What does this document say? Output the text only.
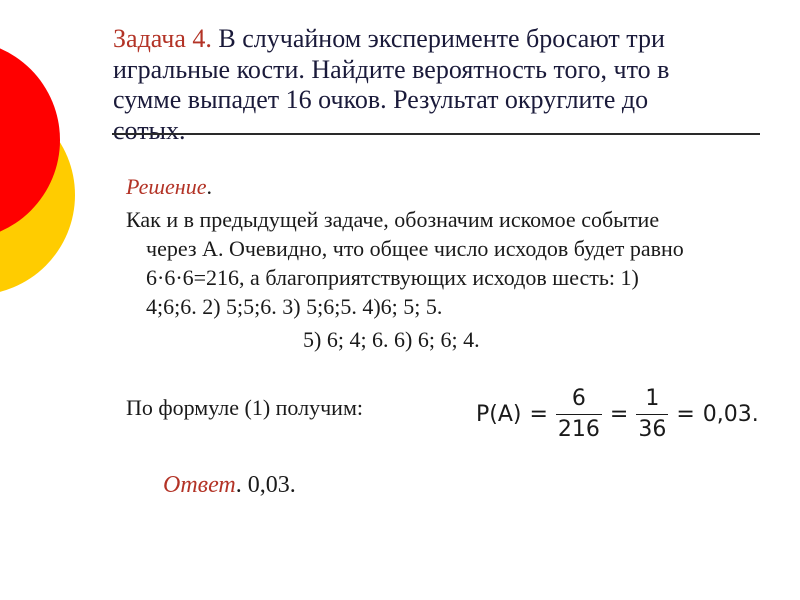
Задача 4. В случайном эксперименте бросают три игральные кости. Найдите вероятность того, что в сумме выпадет 16 очков. Результат округлите до сотых.
Решение.
Как и в предыдущей задаче, обозначим искомое событие
через А. Очевидно, что общее число исходов будет равно
6·6·6=216, а благоприятствующих исходов шесть: 1)
4;6;6. 2) 5;5;6. 3) 5;6;5. 4)6; 5; 5.
5) 6; 4; 6. 6) 6; 6; 4.
По формуле (1) получим:	$P(A) = \frac{6}{216} = \frac{1}{36} = 0,03$.
Ответ. 0,03.
